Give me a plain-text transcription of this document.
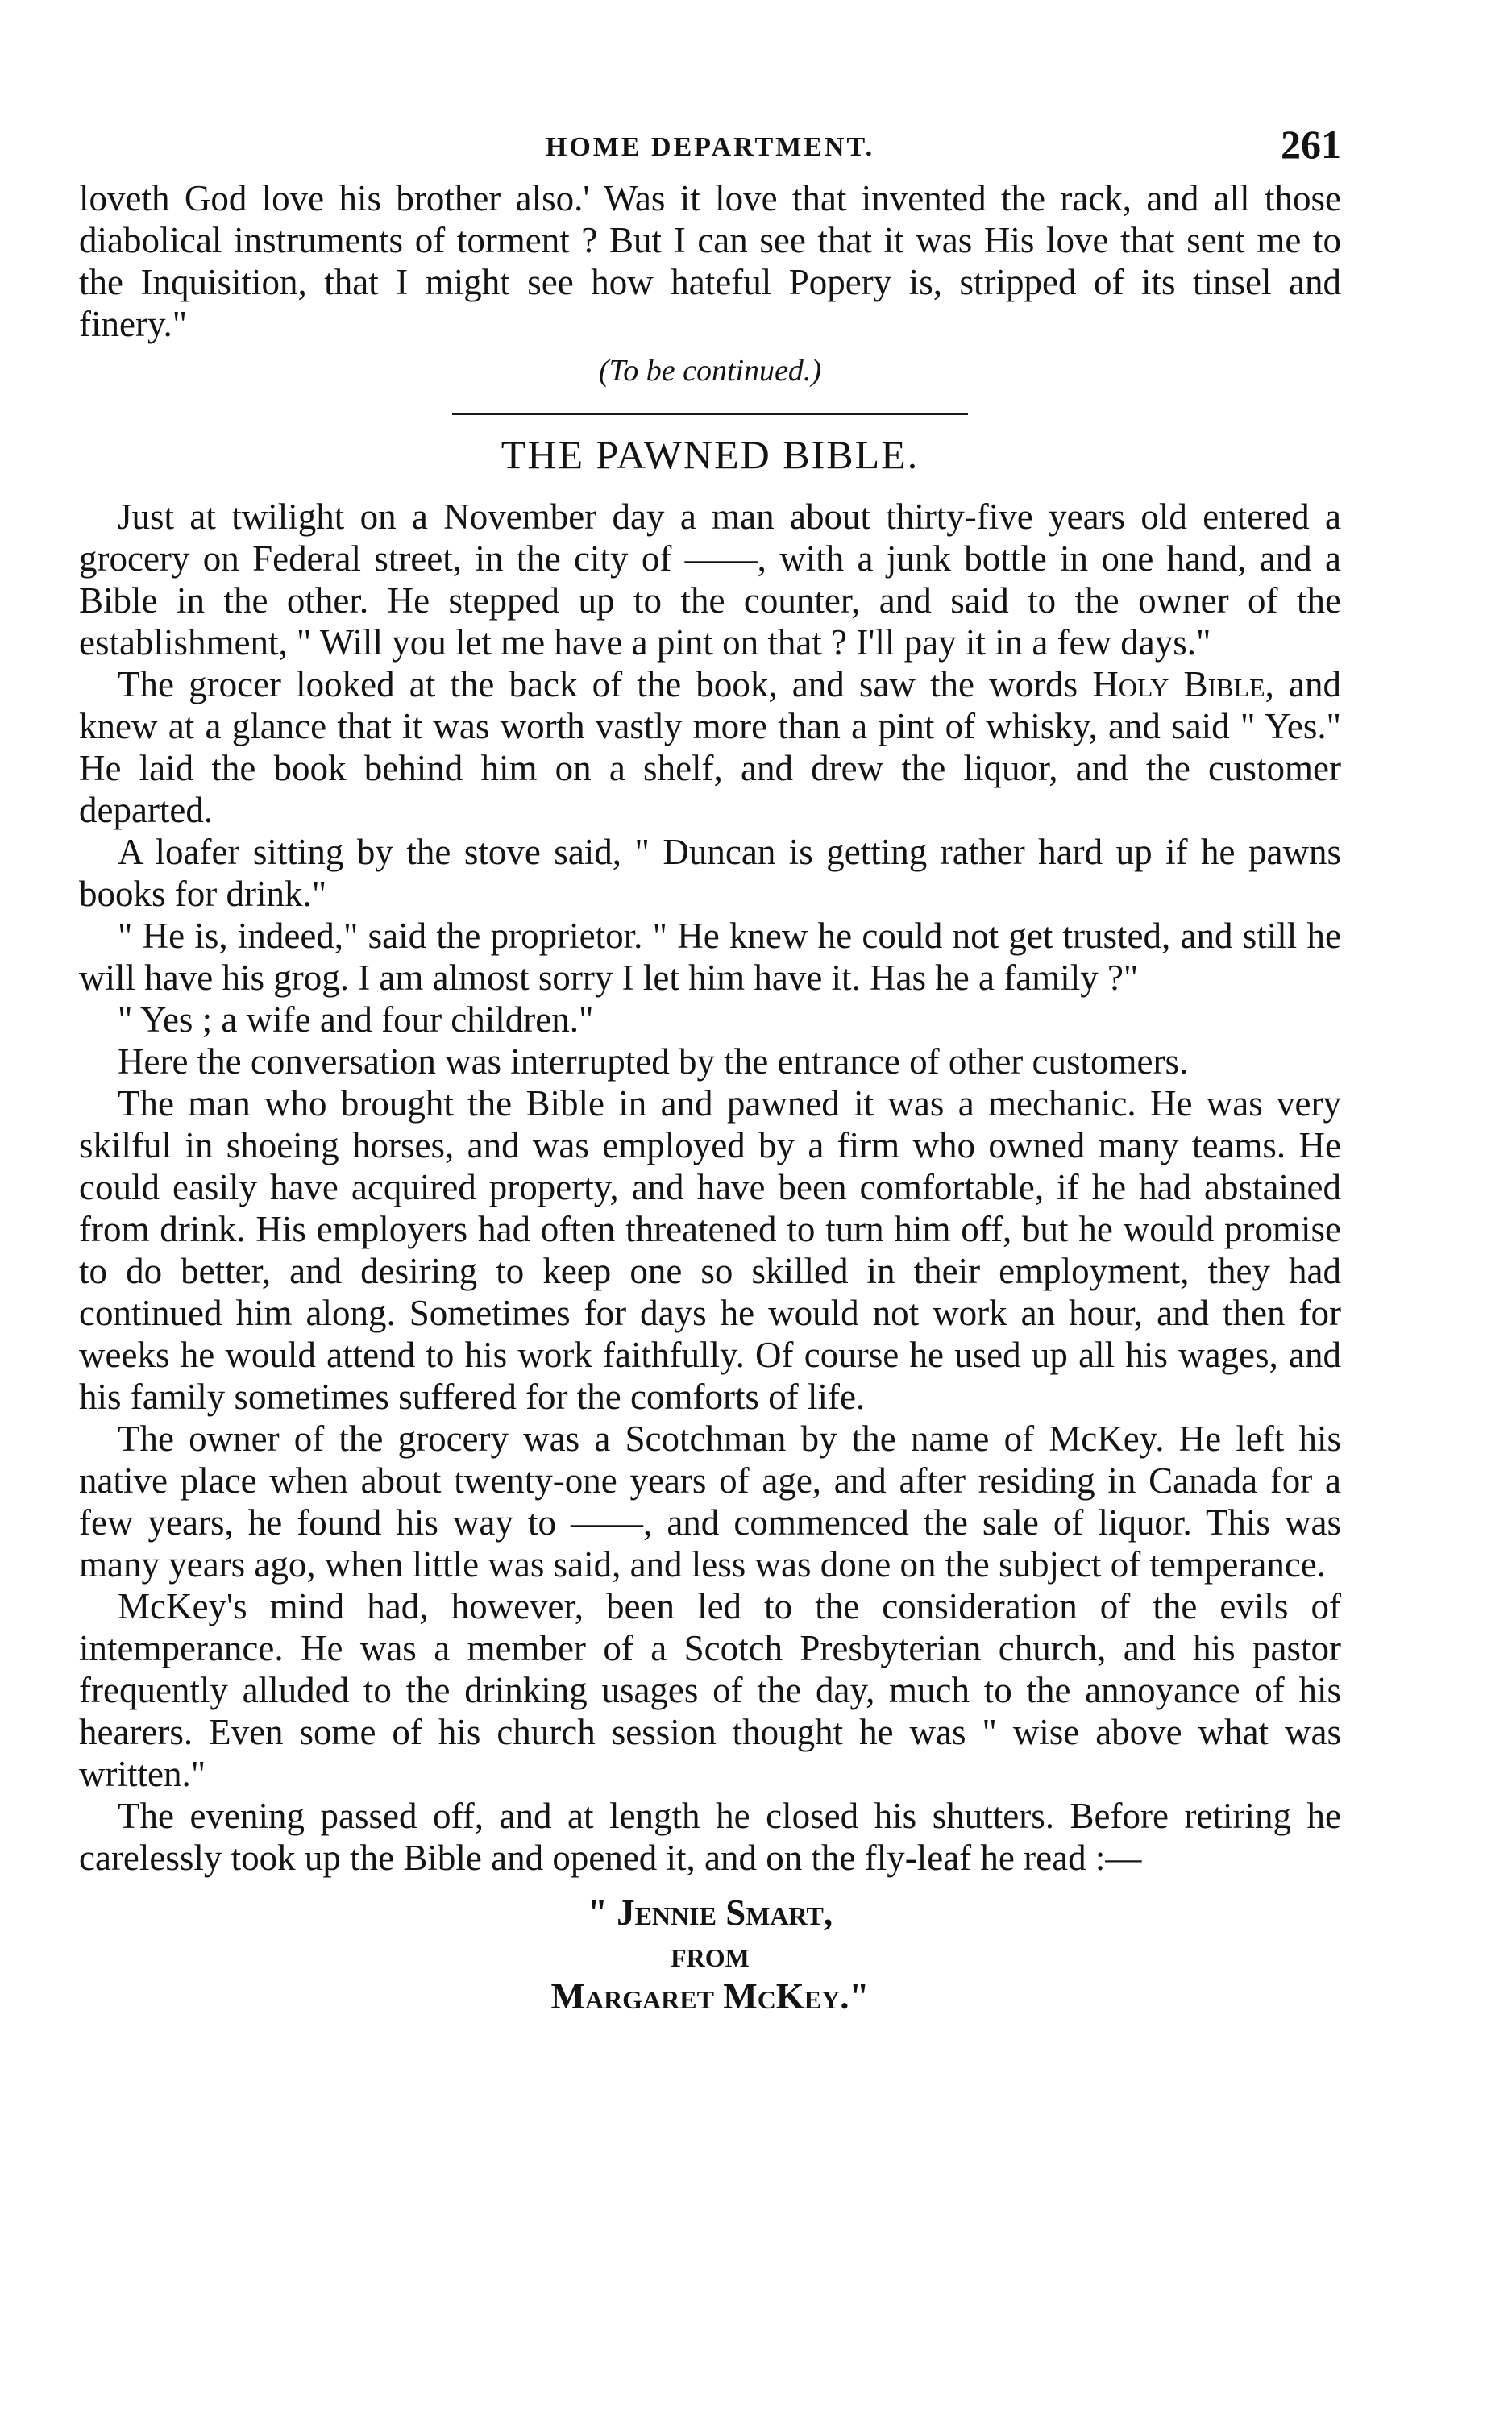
HOME DEPARTMENT.	261

loveth God love his brother also.' Was it love that invented the rack, and all those diabolical instruments of torment ? But I can see that it was His love that sent me to the Inquisition, that I might see how hateful Popery is, stripped of its tinsel and finery."

(To be continued.)
THE PAWNED BIBLE.

Just at twilight on a November day a man about thirty-five years old entered a grocery on Federal street, in the city of ——, with a junk bottle in one hand, and a Bible in the other. He stepped up to the counter, and said to the owner of the establishment, " Will you let me have a pint on that ? I'll pay it in a few days."

The grocer looked at the back of the book, and saw the words Holy Bible, and knew at a glance that it was worth vastly more than a pint of whisky, and said " Yes." He laid the book behind him on a shelf, and drew the liquor, and the customer departed.

A loafer sitting by the stove said, " Duncan is getting rather hard up if he pawns books for drink."

" He is, indeed," said the proprietor. " He knew he could not get trusted, and still he will have his grog. I am almost sorry I let him have it. Has he a family ?"

" Yes ; a wife and four children."

Here the conversation was interrupted by the entrance of other customers.

The man who brought the Bible in and pawned it was a mechanic. He was very skilful in shoeing horses, and was employed by a firm who owned many teams. He could easily have acquired property, and have been comfortable, if he had abstained from drink. His employers had often threatened to turn him off, but he would promise to do better, and desiring to keep one so skilled in their employment, they had continued him along. Sometimes for days he would not work an hour, and then for weeks he would attend to his work faithfully. Of course he used up all his wages, and his family sometimes suffered for the comforts of life.

The owner of the grocery was a Scotchman by the name of McKey. He left his native place when about twenty-one years of age, and after residing in Canada for a few years, he found his way to ——, and commenced the sale of liquor. This was many years ago, when little was said, and less was done on the subject of temperance.

McKey's mind had, however, been led to the consideration of the evils of intemperance. He was a member of a Scotch Presbyterian church, and his pastor frequently alluded to the drinking usages of the day, much to the annoyance of his hearers. Even some of his church session thought he was " wise above what was written."

The evening passed off, and at length he closed his shutters. Before retiring he carelessly took up the Bible and opened it, and on the fly-leaf he read :—

" Jennie Smart,
from
Margaret McKey."
